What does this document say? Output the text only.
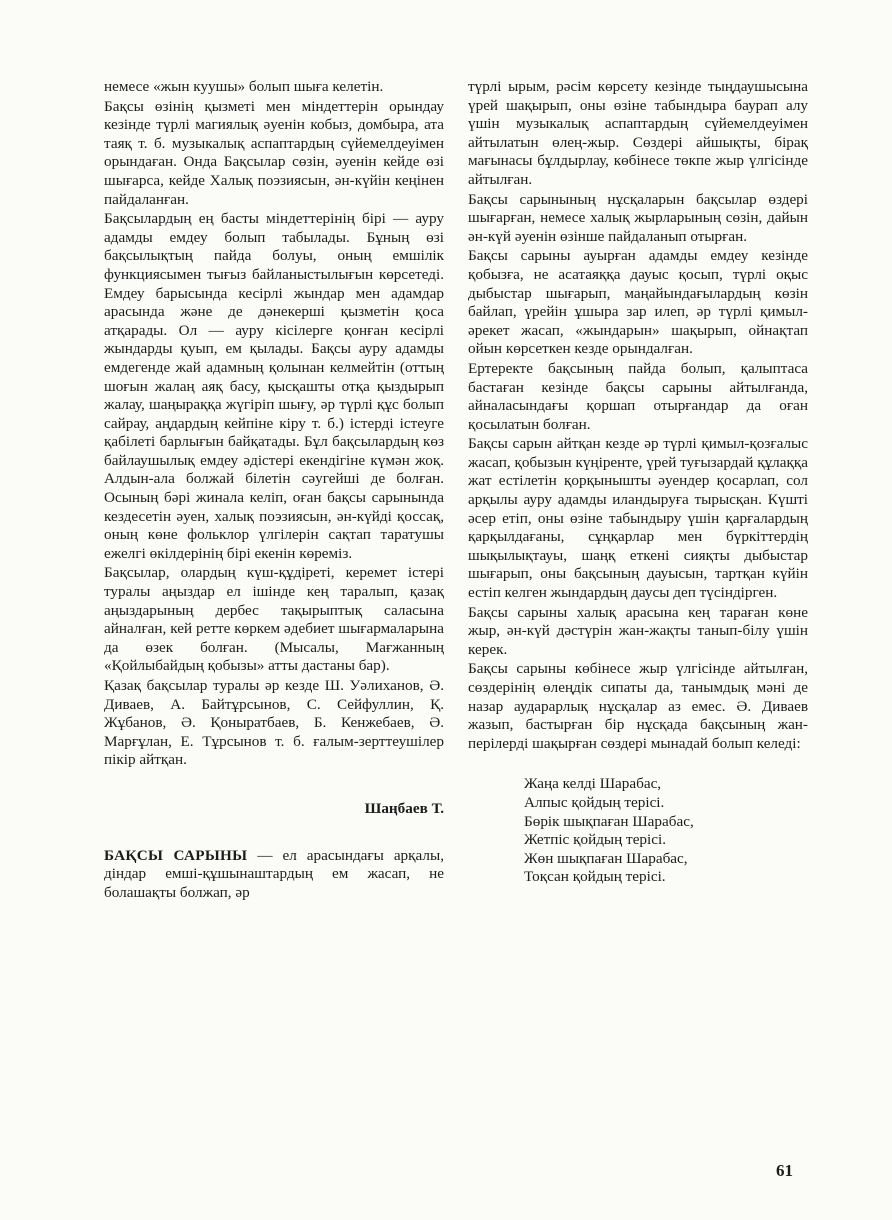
немесе «жын куушы» болып шыға келетін.

Бақсы өзінің қызметі мен міндеттерін орындау кезінде түрлі магиялық әуенін кобыз, домбыра, ата таяқ т. б. музыкалық аспаптардың сүйемелдеуімен орындаған. Онда Бақсылар сөзін, әуенін кейде өзі шығарса, кейде Халық поэзиясын, ән-күйін кеңінен пайдаланған.

Бақсылардың ең басты міндеттерінің бірі — ауру адамды емдеу болып табылады. Бұның өзі бақсылықтың пайда болуы, оның емшілік функциясымен тығыз байланыстылығын көрсетеді. Емдеу барысында кесірлі жындар мен адамдар арасында жәнe де дәнекерші қызметін қоса атқарады. Ол — ауру кісілерге қонған кесірлі жындарды қуып, ем қылады. Бақсы ауру адамды емдегенде жай адамның қолынан келмейтін (оттың шоғын жалаң аяқ басу, қысқашты отқа қыздырып жалау, шаңыраққа жүгіріп шығу, әр түрлі құс болып сайрау, аңдардың кейпіне кіру т. б.) істерді істеуге қабілеті барлығын байқатады. Бұл бақсылардың көз байлаушылық емдеу әдістері екендігіне күмән жоқ. Алдын-ала болжай білетін сәугейші де болған. Осының бәрі жинала келіп, оған бақсы сарынында кездесетін әуен, халық поэзиясын, ән-күйді қоссақ, оның көне фольклор үлгілерін сақтап таратушы ежелгі өкілдерінің бірі екенін көреміз.

Бақсылар, олардың күш-құдіреті, керемет істері туралы аңыздар ел ішінде кең таралып, қазақ аңыздарының дербес тақырыптық саласына айналған, кей ретте көркем әдебиет шығармаларына да өзек болған. (Мысалы, Мағжанның «Қойлыбайдың қобызы» атты дастаны бар).

Қазақ бақсылар туралы әр кезде Ш. Уәлиханов, Ә. Диваев, А. Байтұрсынов, С. Сейфуллин, Қ. Жұбанов, Ә. Қоныратбаев, Б. Кенжебаев, Ә. Марғұлан, Е. Тұрсынов т. б. ғалым-зерттеушілер пікір айтқан.

Шаңбаев Т.

БАҚСЫ САРЫНЫ — ел арасындағы арқалы, діндар емші-құшынаштардың ем жасап, не болашақты болжап, әр

түрлі ырым, рәсім көрсету кезінде тыңдаушысына үрей шақырып, оны өзіне табындыра баурап алу үшін музыкалық аспаптардың сүйемелдеуімен айтылатын өлең-жыр. Сөздері айшықты, бірақ мағынасы бұлдырлау, көбінесе төкпе жыр үлгісінде айтылған.

Бақсы сарынының нұсқаларын бақсылар өздері шығарған, немесе халық жырларының сөзін, дайын ән-күй әуенін өзінше пайдаланып отырған.

Бақсы сарыны ауырған адамды емдеу кезінде қобызға, не асатаяққа дауыс қосып, түрлі оқыс дыбыстар шығарып, маңайындағылардың көзін байлап, үрейін ұшыра зар илеп, әр түрлі қимыл-әрекет жасап, «жындарын» шақырып, ойнақтап ойын көрсеткен кезде орындалған.

Ертеректе бақсының пайда болып, қалыптаса бастаған кезінде бақсы сарыны айтылғанда, айналасындағы қоршап отырғандар да оған қосылатын болған.

Бақсы сарын айтқан кезде әр түрлі қимыл-қозғалыс жасап, қобызын күңірентe, үрей туғызардай құлаққа жат естілетін қорқынышты әуендер қосарлап, сол арқылы ауру адамды иландыруға тырысқан. Күшті әсер етіп, оны өзіне табындыру үшін қарғалардың қарқылдағаны, сұңқарлар мен бүркіттердің шықылықтауы, шаңқ еткені сияқты дыбыстар шығарып, оны бақсының дауысын, тартқан күйін естіп келген жындардың даусы деп түсіндірген.

Бақсы сарыны халық арасына кең тараған көне жыр, ән-күй дәстүрін жан-жақты танып-білу үшін керек.

Бақсы сарыны көбінесе жыр үлгісінде айтылған, сөздерінің өлеңдік сипаты да, танымдық мәні де назар аударарлық нұсқалар аз емес. Ә. Диваев жазып, бастырған бір нұсқада бақсының жан-перілерді шақырған сөздері мынадай болып келеді:

Жаңа келді Шарабас,
Алпыс қойдың терісі.
Бөрік шықпаған Шарабас,
Жетпіс қойдың терісі.
Жөн шықпаған Шарабас,
Тоқсан қойдың терісі.
61
